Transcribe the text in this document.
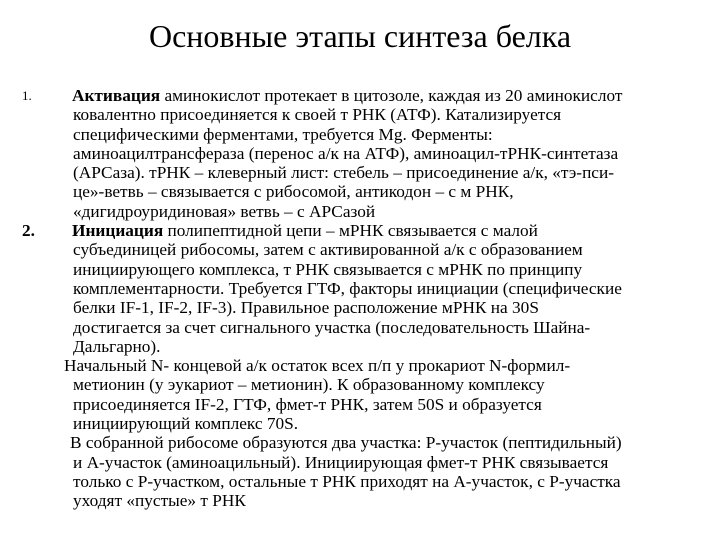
Основные этапы синтеза белка
1. Активация аминокислот протекает в цитозоле, каждая из 20 аминокислот
ковалентно присоединяется к своей т РНК (АТФ). Катализируется
специфическими ферментами, требуется Mg. Ферменты:
аминоацилтрансфераза (перенос а/к на АТФ), аминоацил-тРНК-синтетаза
(АРСаза). тРНК – клеверный лист: стебель – присоединение а/к, «тэ-пси-
це»-ветвь – связывается с рибосомой, антикодон – с м РНК,
«дигидроуридиновая» ветвь – с АРСазой
2. Инициация полипептидной цепи – мРНК связывается с малой
субъединицей рибосомы, затем с активированной а/к с образованием
инициирующего комплекса, т РНК связывается с мРНК по принципу
комплементарности. Требуется ГТФ, факторы инициации (специфические
белки IF-1, IF-2, IF-3). Правильное расположение мРНК на 30S
достигается за счет сигнального участка (последовательность Шайна-
Дальгарно).
Начальный N- концевой а/к остаток всех п/п у прокариот N-формил-
метионин (у эукариот – метионин). К образованному комплексу
присоединяется IF-2, ГТФ, фмет-т РНК, затем 50S и образуется
инициирующий комплекс 70S.
В собранной рибосоме образуются два участка: Р-участок (пептидильный)
и А-участок (аминоацильный). Инициирующая фмет-т РНК связывается
только с Р-участком, остальные т РНК приходят на А-участок, с Р-участка
уходят «пустые» т РНК
